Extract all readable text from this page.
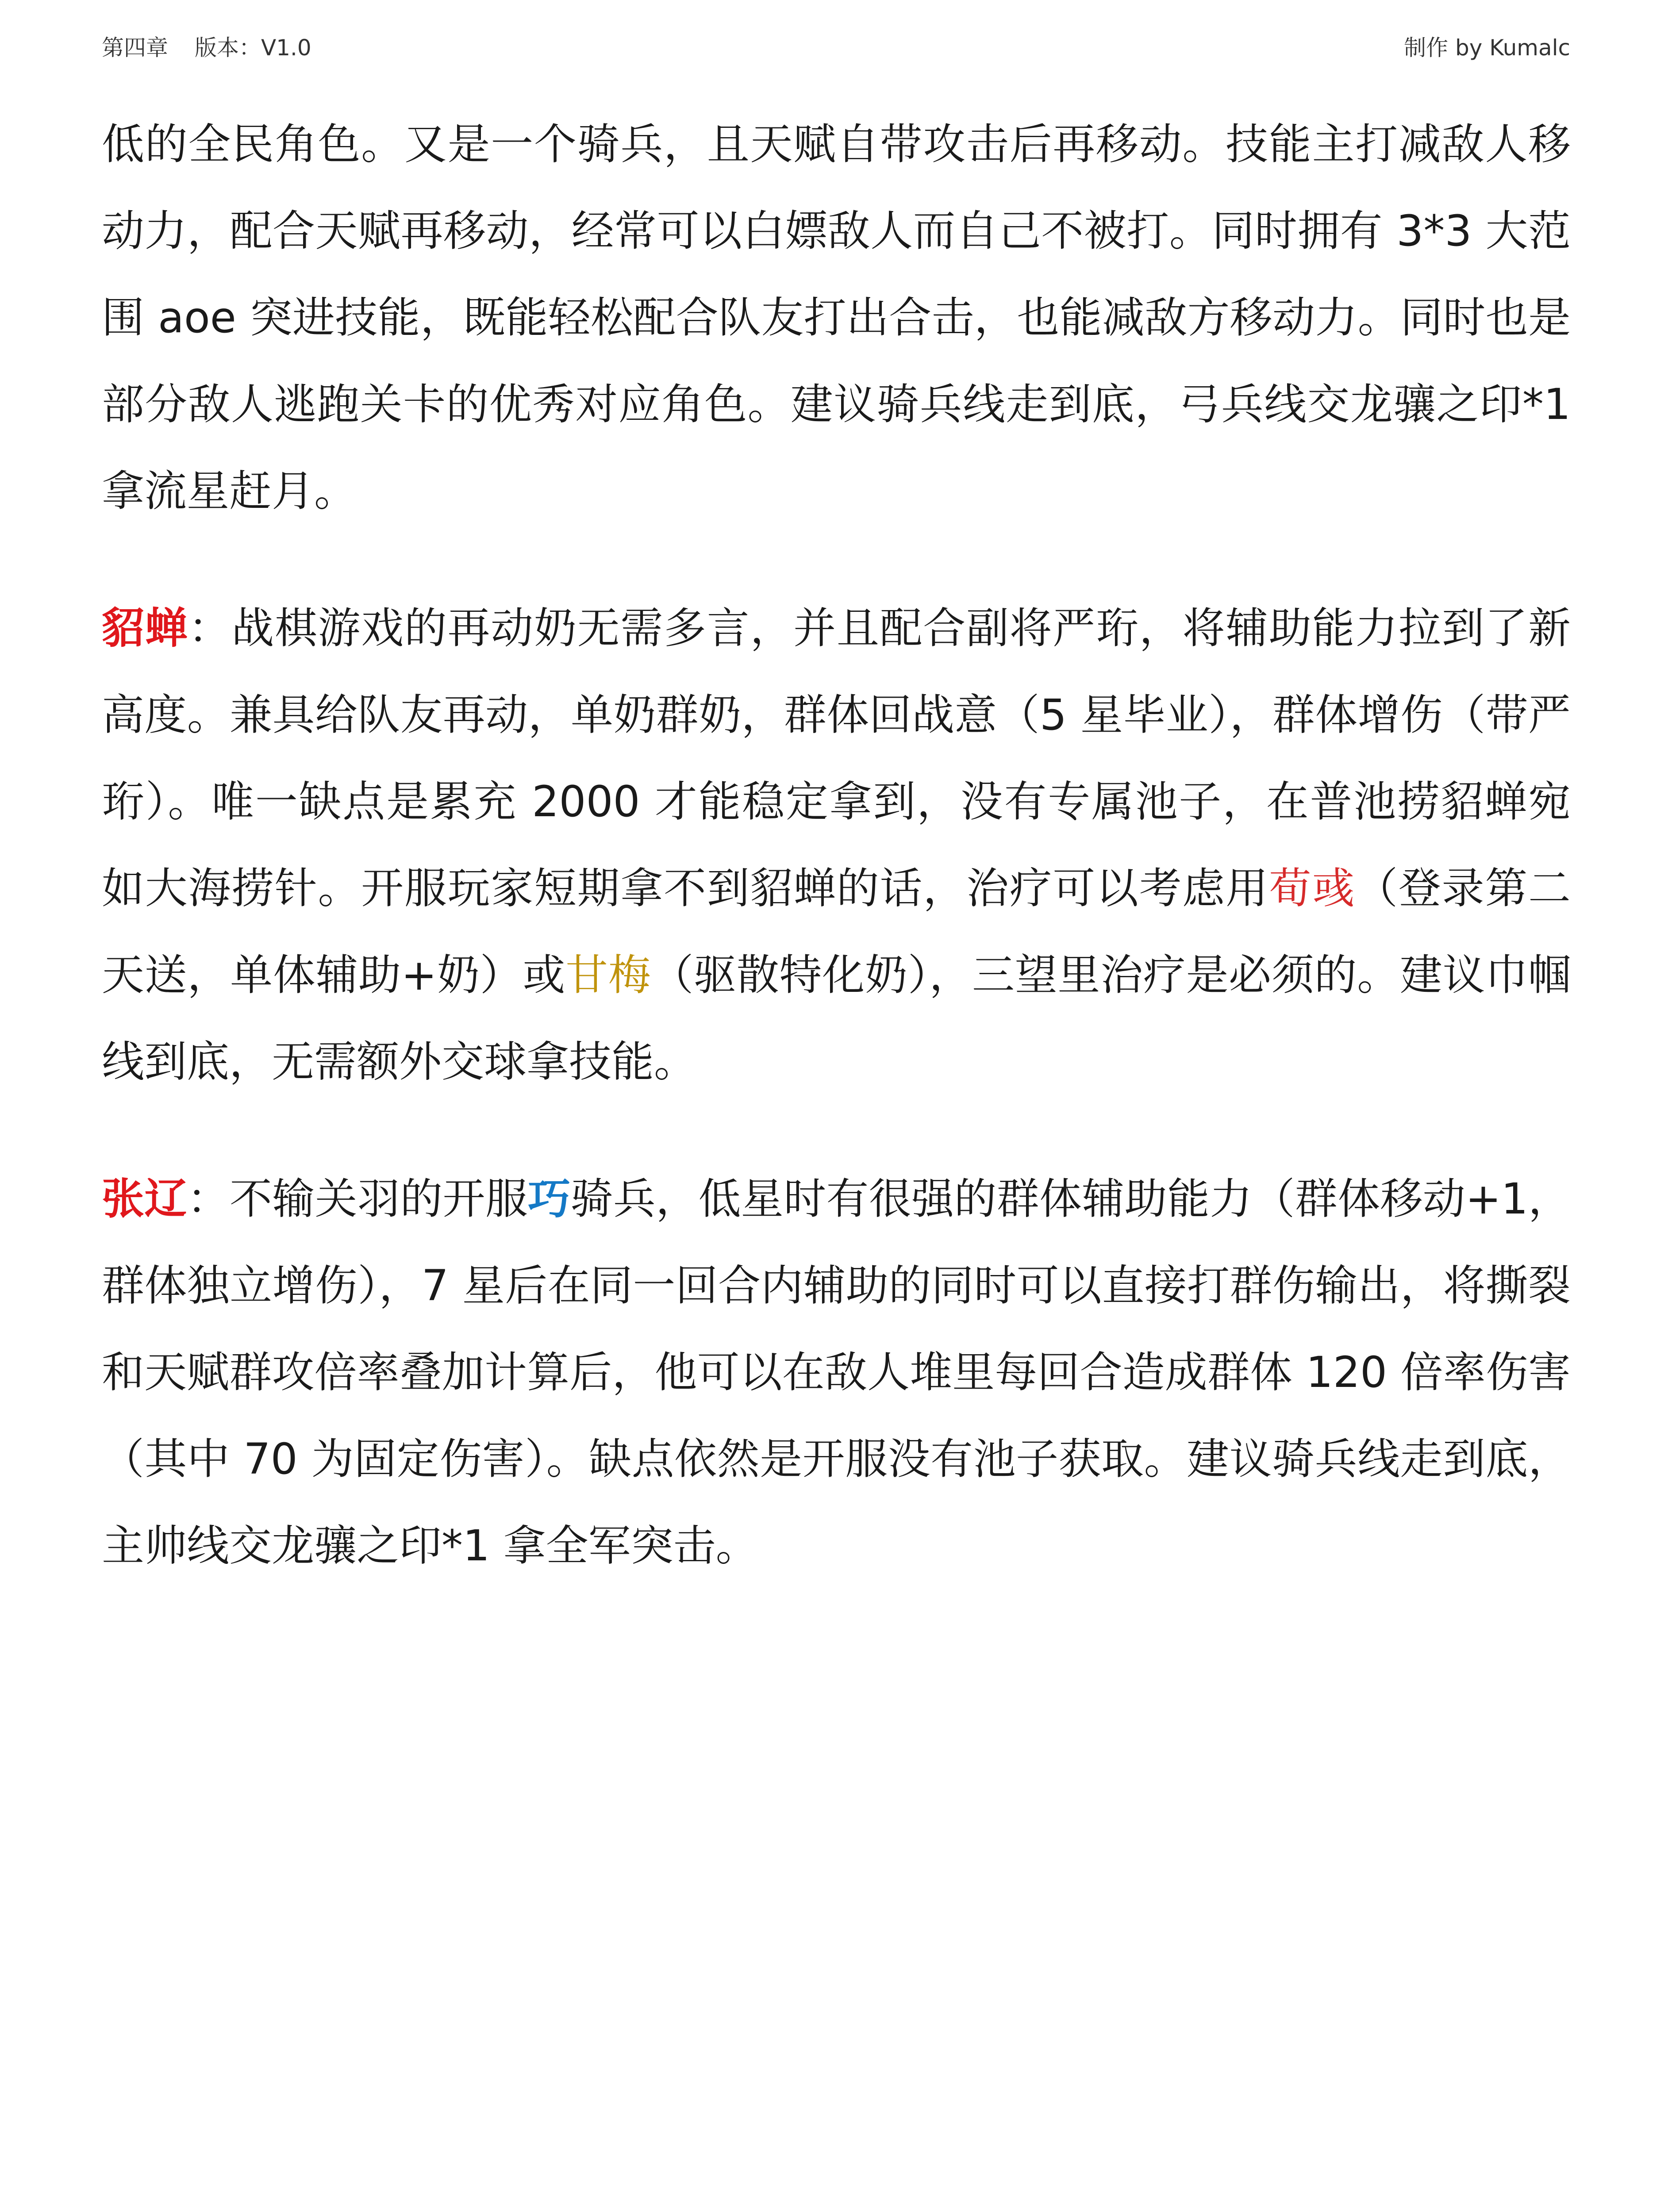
第四章 版本：V1.0	制作 by Kumalc

低的全民角色。又是一个骑兵，且天赋自带攻击后再移动。技能主打减敌人移动力，配合天赋再移动，经常可以白嫖敌人而自己不被打。同时拥有 3*3 大范围 aoe 突进技能，既能轻松配合队友打出合击，也能减敌方移动力。同时也是部分敌人逃跑关卡的优秀对应角色。建议骑兵线走到底，弓兵线交龙骧之印*1 拿流星赶月。

貂蝉：战棋游戏的再动奶无需多言，并且配合副将严珩，将辅助能力拉到了新高度。兼具给队友再动，单奶群奶，群体回战意（5 星毕业），群体增伤（带严珩）。唯一缺点是累充 2000 才能稳定拿到，没有专属池子，在普池捞貂蝉宛如大海捞针。开服玩家短期拿不到貂蝉的话，治疗可以考虑用荀彧（登录第二天送，单体辅助+奶）或甘梅（驱散特化奶），三望里治疗是必须的。建议巾帼线到底，无需额外交球拿技能。

张辽：不输关羽的开服巧骑兵，低星时有很强的群体辅助能力（群体移动+1，群体独立增伤），7 星后在同一回合内辅助的同时可以直接打群伤输出，将撕裂和天赋群攻倍率叠加计算后，他可以在敌人堆里每回合造成群体 120 倍率伤害（其中 70 为固定伤害）。缺点依然是开服没有池子获取。建议骑兵线走到底，主帅线交龙骧之印*1 拿全军突击。
